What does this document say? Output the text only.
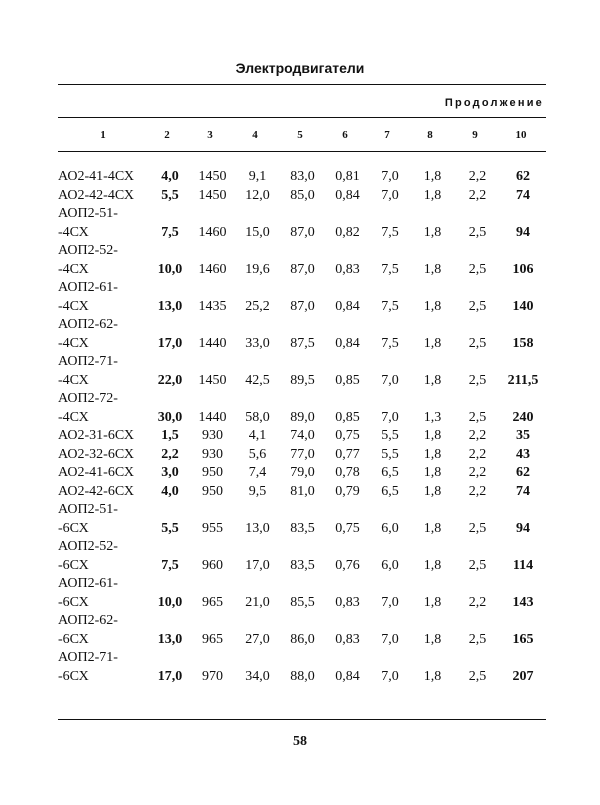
Электродвигатели
Продолжение
1	2	3	4	5	6	7	8	9	10
АО2-41-4СХ	4,0	1450	9,1	83,0	0,81	7,0	1,8	2,2	62

АО2-42-4СХ	5,5	1450	12,0	85,0	0,84	7,0	1,8	2,2	74

АОП2-51-
-4СХ	7,5	1460	15,0	87,0	0,82	7,5	1,8	2,5	94

АОП2-52-
-4СХ	10,0	1460	19,6	87,0	0,83	7,5	1,8	2,5	106

АОП2-61-
-4СХ	13,0	1435	25,2	87,0	0,84	7,5	1,8	2,5	140

АОП2-62-
-4СХ	17,0	1440	33,0	87,5	0,84	7,5	1,8	2,5	158

АОП2-71-
-4СХ	22,0	1450	42,5	89,5	0,85	7,0	1,8	2,5	211,5

АОП2-72-
-4СХ	30,0	1440	58,0	89,0	0,85	7,0	1,3	2,5	240

АО2-31-6СХ	1,5	930	4,1	74,0	0,75	5,5	1,8	2,2	35

АО2-32-6СХ	2,2	930	5,6	77,0	0,77	5,5	1,8	2,2	43

АО2-41-6СХ	3,0	950	7,4	79,0	0,78	6,5	1,8	2,2	62

АО2-42-6СХ	4,0	950	9,5	81,0	0,79	6,5	1,8	2,2	74

АОП2-51-
-6СХ	5,5	955	13,0	83,5	0,75	6,0	1,8	2,5	94

АОП2-52-
-6СХ	7,5	960	17,0	83,5	0,76	6,0	1,8	2,5	114

АОП2-61-
-6СХ	10,0	965	21,0	85,5	0,83	7,0	1,8	2,2	143

АОП2-62-
-6СХ	13,0	965	27,0	86,0	0,83	7,0	1,8	2,5	165

АОП2-71-
-6СХ	17,0	970	34,0	88,0	0,84	7,0	1,8	2,5	207
58
